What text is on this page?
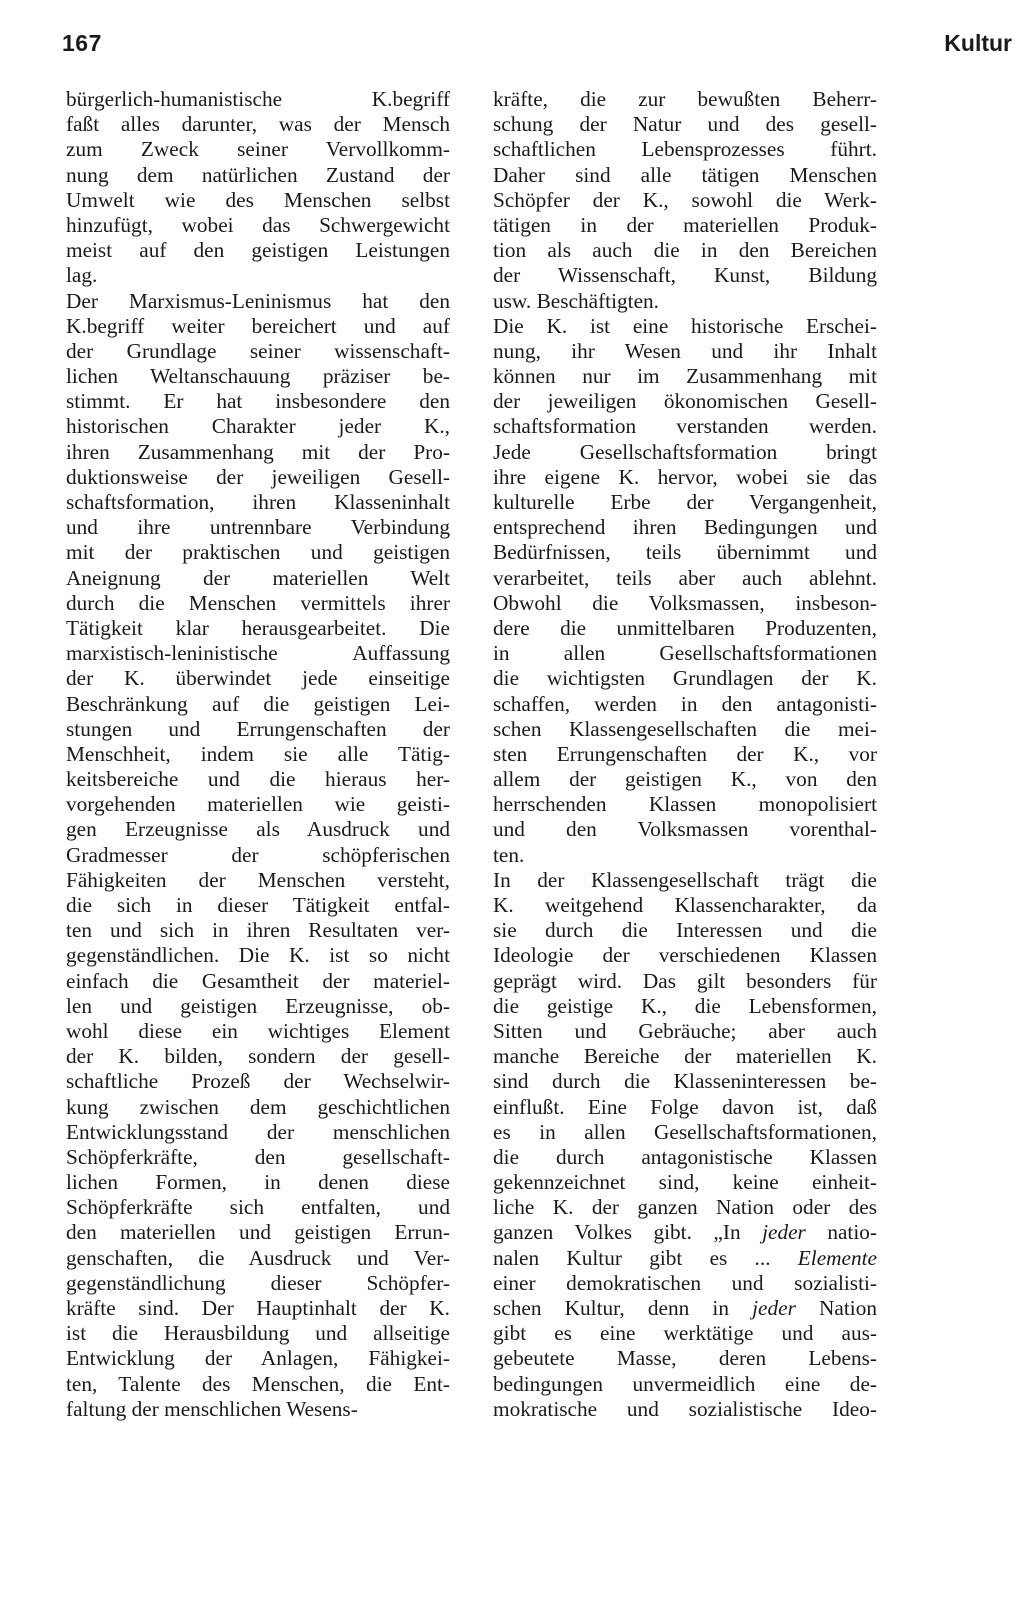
167	Kultur
bürgerlich-humanistische K.begriff
faßt alles darunter, was der Mensch
zum Zweck seiner Vervollkomm-
nung dem natürlichen Zustand der
Umwelt wie des Menschen selbst
hinzufügt, wobei das Schwergewicht
meist auf den geistigen Leistungen
lag.
Der Marxismus-Leninismus hat den
K.begriff weiter bereichert und auf
der Grundlage seiner wissenschaft-
lichen Weltanschauung präziser be-
stimmt. Er hat insbesondere den
historischen Charakter jeder K.,
ihren Zusammenhang mit der Pro-
duktionsweise der jeweiligen Gesell-
schaftsformation, ihren Klasseninhalt
und ihre untrennbare Verbindung
mit der praktischen und geistigen
Aneignung der materiellen Welt
durch die Menschen vermittels ihrer
Tätigkeit klar herausgearbeitet. Die
marxistisch-leninistische Auffassung
der K. überwindet jede einseitige
Beschränkung auf die geistigen Lei-
stungen und Errungenschaften der
Menschheit, indem sie alle Tätig-
keitsbereiche und die hieraus her-
vorgehenden materiellen wie geisti-
gen Erzeugnisse als Ausdruck und
Gradmesser der schöpferischen
Fähigkeiten der Menschen versteht,
die sich in dieser Tätigkeit entfal-
ten und sich in ihren Resultaten ver-
gegenständlichen. Die K. ist so nicht
einfach die Gesamtheit der materiel-
len und geistigen Erzeugnisse, ob-
wohl diese ein wichtiges Element
der K. bilden, sondern der gesell-
schaftliche Prozeß der Wechselwir-
kung zwischen dem geschichtlichen
Entwicklungsstand der menschlichen
Schöpferkräfte, den gesellschaft-
lichen Formen, in denen diese
Schöpferkräfte sich entfalten, und
den materiellen und geistigen Errun-
genschaften, die Ausdruck und Ver-
gegenständlichung dieser Schöpfer-
kräfte sind. Der Hauptinhalt der K.
ist die Herausbildung und allseitige
Entwicklung der Anlagen, Fähigkei-
ten, Talente des Menschen, die Ent-
faltung der menschlichen Wesens-
kräfte, die zur bewußten Beherr-
schung der Natur und des gesell-
schaftlichen Lebensprozesses führt.
Daher sind alle tätigen Menschen
Schöpfer der K., sowohl die Werk-
tätigen in der materiellen Produk-
tion als auch die in den Bereichen
der Wissenschaft, Kunst, Bildung
usw. Beschäftigten.
Die K. ist eine historische Erschei-
nung, ihr Wesen und ihr Inhalt
können nur im Zusammenhang mit
der jeweiligen ökonomischen Gesell-
schaftsformation verstanden werden.
Jede Gesellschaftsformation bringt
ihre eigene K. hervor, wobei sie das
kulturelle Erbe der Vergangenheit,
entsprechend ihren Bedingungen und
Bedürfnissen, teils übernimmt und
verarbeitet, teils aber auch ablehnt.
Obwohl die Volksmassen, insbeson-
dere die unmittelbaren Produzenten,
in allen Gesellschaftsformationen
die wichtigsten Grundlagen der K.
schaffen, werden in den antagonisti-
schen Klassengesellschaften die mei-
sten Errungenschaften der K., vor
allem der geistigen K., von den
herrschenden Klassen monopolisiert
und den Volksmassen vorenthal-
ten.
In der Klassengesellschaft trägt die
K. weitgehend Klassencharakter, da
sie durch die Interessen und die
Ideologie der verschiedenen Klassen
geprägt wird. Das gilt besonders für
die geistige K., die Lebensformen,
Sitten und Gebräuche; aber auch
manche Bereiche der materiellen K.
sind durch die Klasseninteressen be-
einflußt. Eine Folge davon ist, daß
es in allen Gesellschaftsformationen,
die durch antagonistische Klassen
gekennzeichnet sind, keine einheit-
liche K. der ganzen Nation oder des
ganzen Volkes gibt. „In jeder natio-
nalen Kultur gibt es ... Elemente
einer demokratischen und sozialisti-
schen Kultur, denn in jeder Nation
gibt es eine werktätige und aus-
gebeutete Masse, deren Lebens-
bedingungen unvermeidlich eine de-
mokratische und sozialistische Ideo-
